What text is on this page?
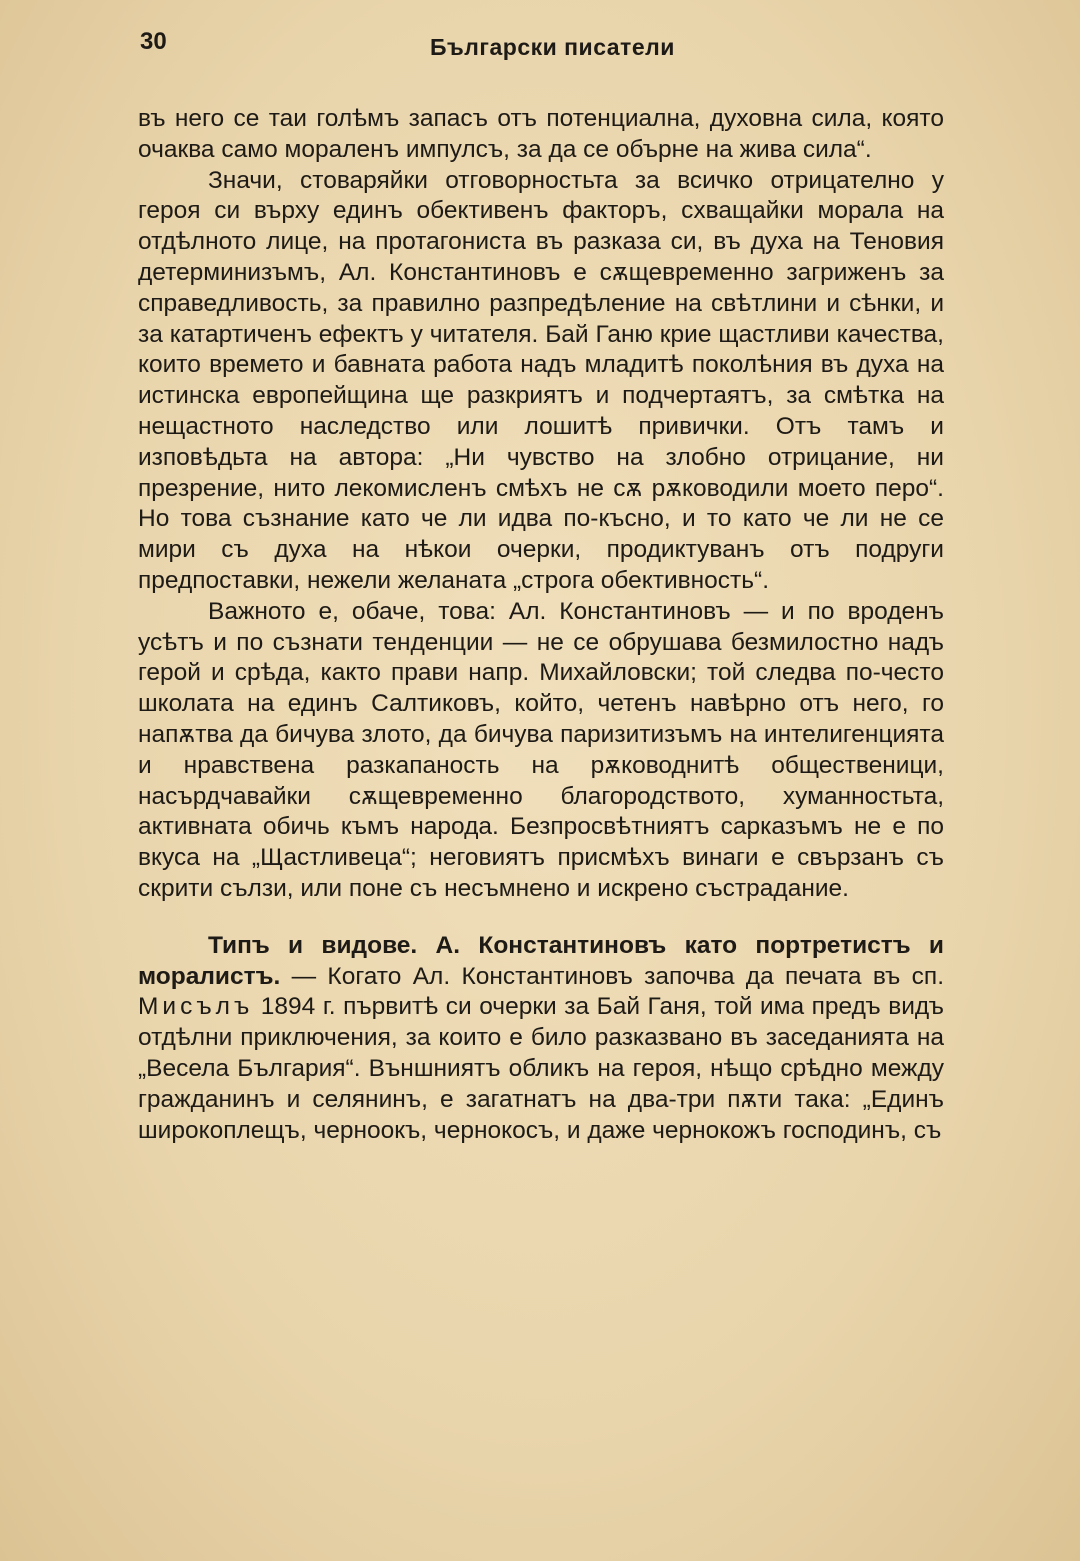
30	Български писатели

въ него се таи голѣмъ запасъ отъ потенциална, духовна сила, която очаква само мораленъ импулсъ, за да се обърне на жива сила“.

Значи, стоваряйки отговорностьта за всичко отрицателно у героя си върху единъ обективенъ факторъ, схващайки морала на отдѣлното лице, на протагониста въ разказа си, въ духа на Теновия детерминизъмъ, Ал. Константиновъ е сѫщевременно загриженъ за справедливость, за правилно разпредѣление на свѣтлини и сѣнки, и за катартиченъ ефектъ у читателя. Бай Ганю крие щастливи качества, които времето и бавната работа надъ младитѣ поколѣния въ духа на истинска европейщина ще разкриятъ и подчертаятъ, за смѣтка на нещастното наследство или лошитѣ привички. Отъ тамъ и изповѣдьта на автора: „Ни чувство на злобно отрицание, ни презрение, нито лекомисленъ смѣхъ не сѫ рѫководили моето перо“. Но това съзнание като че ли идва по-късно, и то като че ли не се мири съ духа на нѣкои очерки, продиктуванъ отъ подруги предпоставки, нежели желаната „строга обективность“.

Важното е, обаче, това: Ал. Константиновъ — и по вроденъ усѣтъ и по съзнати тенденции — не се обрушава безмилостно надъ герой и срѣда, както прави напр. Михайловски; той следва по-често школата на единъ Салтиковъ, който, четенъ навѣрно отъ него, го напѫтва да бичува злото, да бичува паризитизъмъ на интелигенцията и нравствена разкапаность на рѫководнитѣ общественици, насърдчавайки сѫщевременно благородството, хуманностьта, активната обичь къмъ народа. Безпросвѣтниятъ сарказъмъ не е по вкуса на „Щастливеца“; неговиятъ присмѣхъ винаги е свързанъ съ скрити сълзи, или поне съ несъмнено и искрено състрадание.

Типъ и видове. А. Константиновъ като портретистъ и моралистъ. — Когато Ал. Константиновъ започва да печата въ сп. Мисълъ 1894 г. първитѣ си очерки за Бай Ганя, той има предъ видъ отдѣлни приключения, за които е било разказвано въ заседанията на „Весела България“. Външниятъ обликъ на героя, нѣщо срѣдно между гражданинъ и селянинъ, е загатнатъ на два-три пѫти така: „Единъ широкоплещъ, черноокъ, чернокосъ, и даже чернокожъ господинъ, съ
